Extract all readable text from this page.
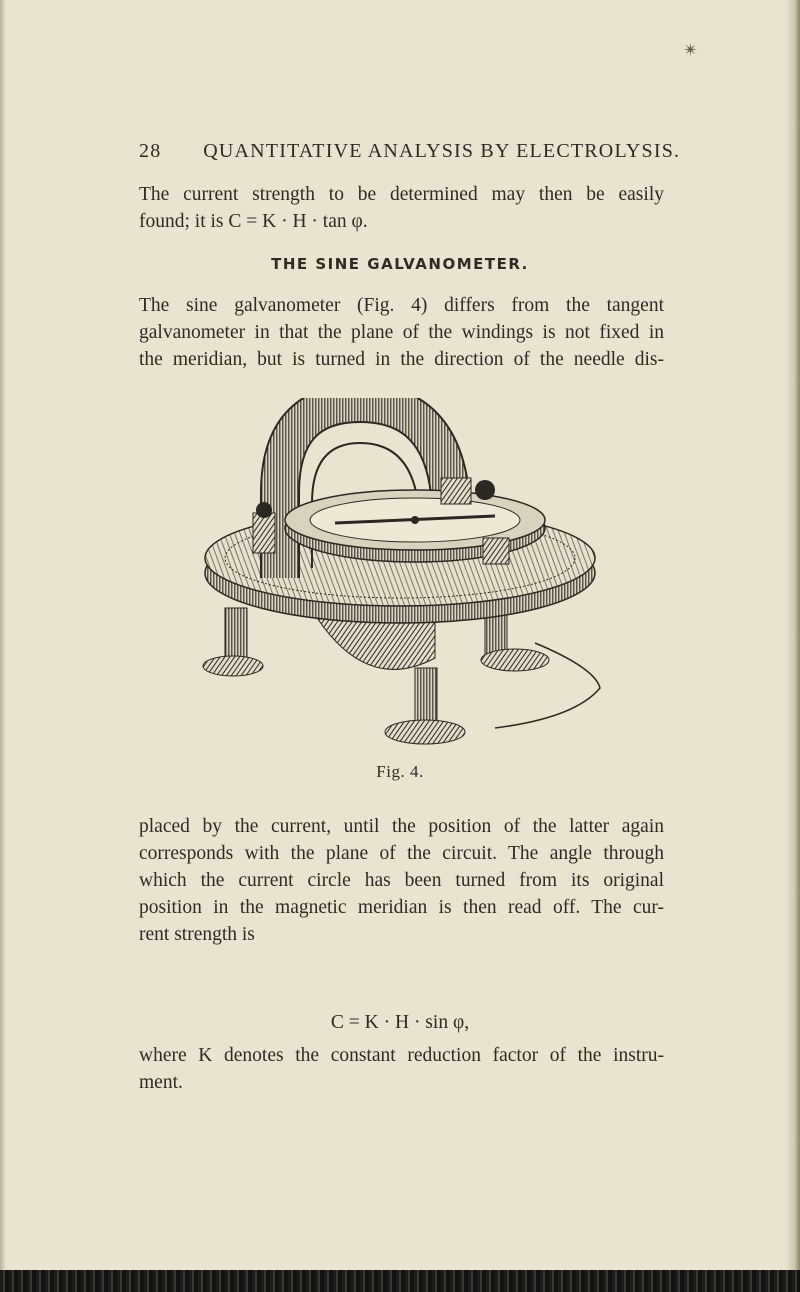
✴
28 QUANTITATIVE ANALYSIS BY ELECTROLYSIS.

The current strength to be determined may then be easily
found; it is C = K · H · tan φ.

THE SINE GALVANOMETER.

The sine galvanometer (Fig. 4) differs from the tangent
galvanometer in that the plane of the windings is not fixed in
the meridian, but is turned in the direction of the needle dis-

Fig. 4.

placed by the current, until the position of the latter again
corresponds with the plane of the circuit. The angle through
which the current circle has been turned from its original
position in the magnetic meridian is then read off. The cur-
rent strength is

C = K · H · sin φ,

where K denotes the constant reduction factor of the instru-
ment.
